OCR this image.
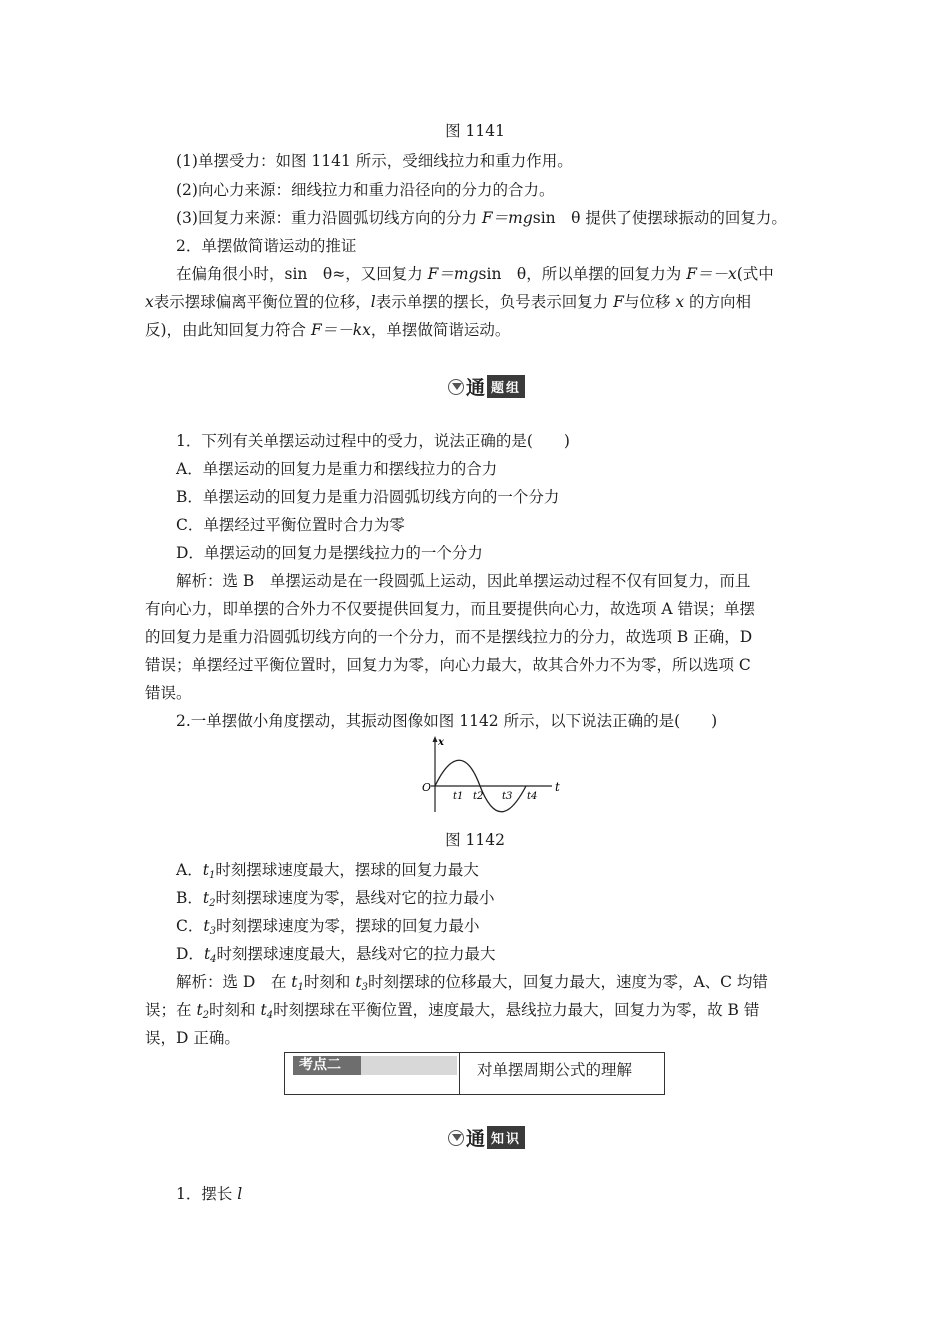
图 1141
(1)单摆受力：如图 1141 所示，受细线拉力和重力作用。
(2)向心力来源：细线拉力和重力沿径向的分力的合力。
(3)回复力来源：重力沿圆弧切线方向的分力 F＝mgsin　θ 提供了使摆球振动的回复力。
2．单摆做简谐运动的推证
在偏角很小时，sin　θ≈，又回复力 F＝mgsin　θ，所以单摆的回复力为 F＝－x(式中
x表示摆球偏离平衡位置的位移，l表示单摆的摆长，负号表示回复力 F与位移 x 的方向相
反)，由此知回复力符合 F＝－kx，单摆做简谐运动。
通 题组
1．下列有关单摆运动过程中的受力，说法正确的是(　　)
A．单摆运动的回复力是重力和摆线拉力的合力
B．单摆运动的回复力是重力沿圆弧切线方向的一个分力
C．单摆经过平衡位置时合力为零
D．单摆运动的回复力是摆线拉力的一个分力
解析：选 B　单摆运动是在一段圆弧上运动，因此单摆运动过程不仅有回复力，而且
有向心力，即单摆的合外力不仅要提供回复力，而且要提供向心力，故选项 A 错误；单摆
的回复力是重力沿圆弧切线方向的一个分力，而不是摆线拉力的分力，故选项 B 正确，D
错误；单摆经过平衡位置时，回复力为零，向心力最大，故其合外力不为零，所以选项 C
错误。
2.一单摆做小角度摆动，其振动图像如图 1142 所示，以下说法正确的是(　　)
x
t
O
t1 t2 t3 t4
图 1142
A．$t_1$时刻摆球速度最大，摆球的回复力最大
B．$t_2$时刻摆球速度为零，悬线对它的拉力最小
C．$t_3$时刻摆球速度为零，摆球的回复力最小
D．$t_4$时刻摆球速度最大，悬线对它的拉力最大
解析：选 D　在 $t_1$时刻和 $t_3$时刻摆球的位移最大，回复力最大，速度为零，A、C 均错
误；在 $t_2$时刻和 $t_4$时刻摆球在平衡位置，速度最大，悬线拉力最大，回复力为零，故 B 错
误，D 正确。
考点二	对单摆周期公式的理解
通 知识
1．摆长 l
